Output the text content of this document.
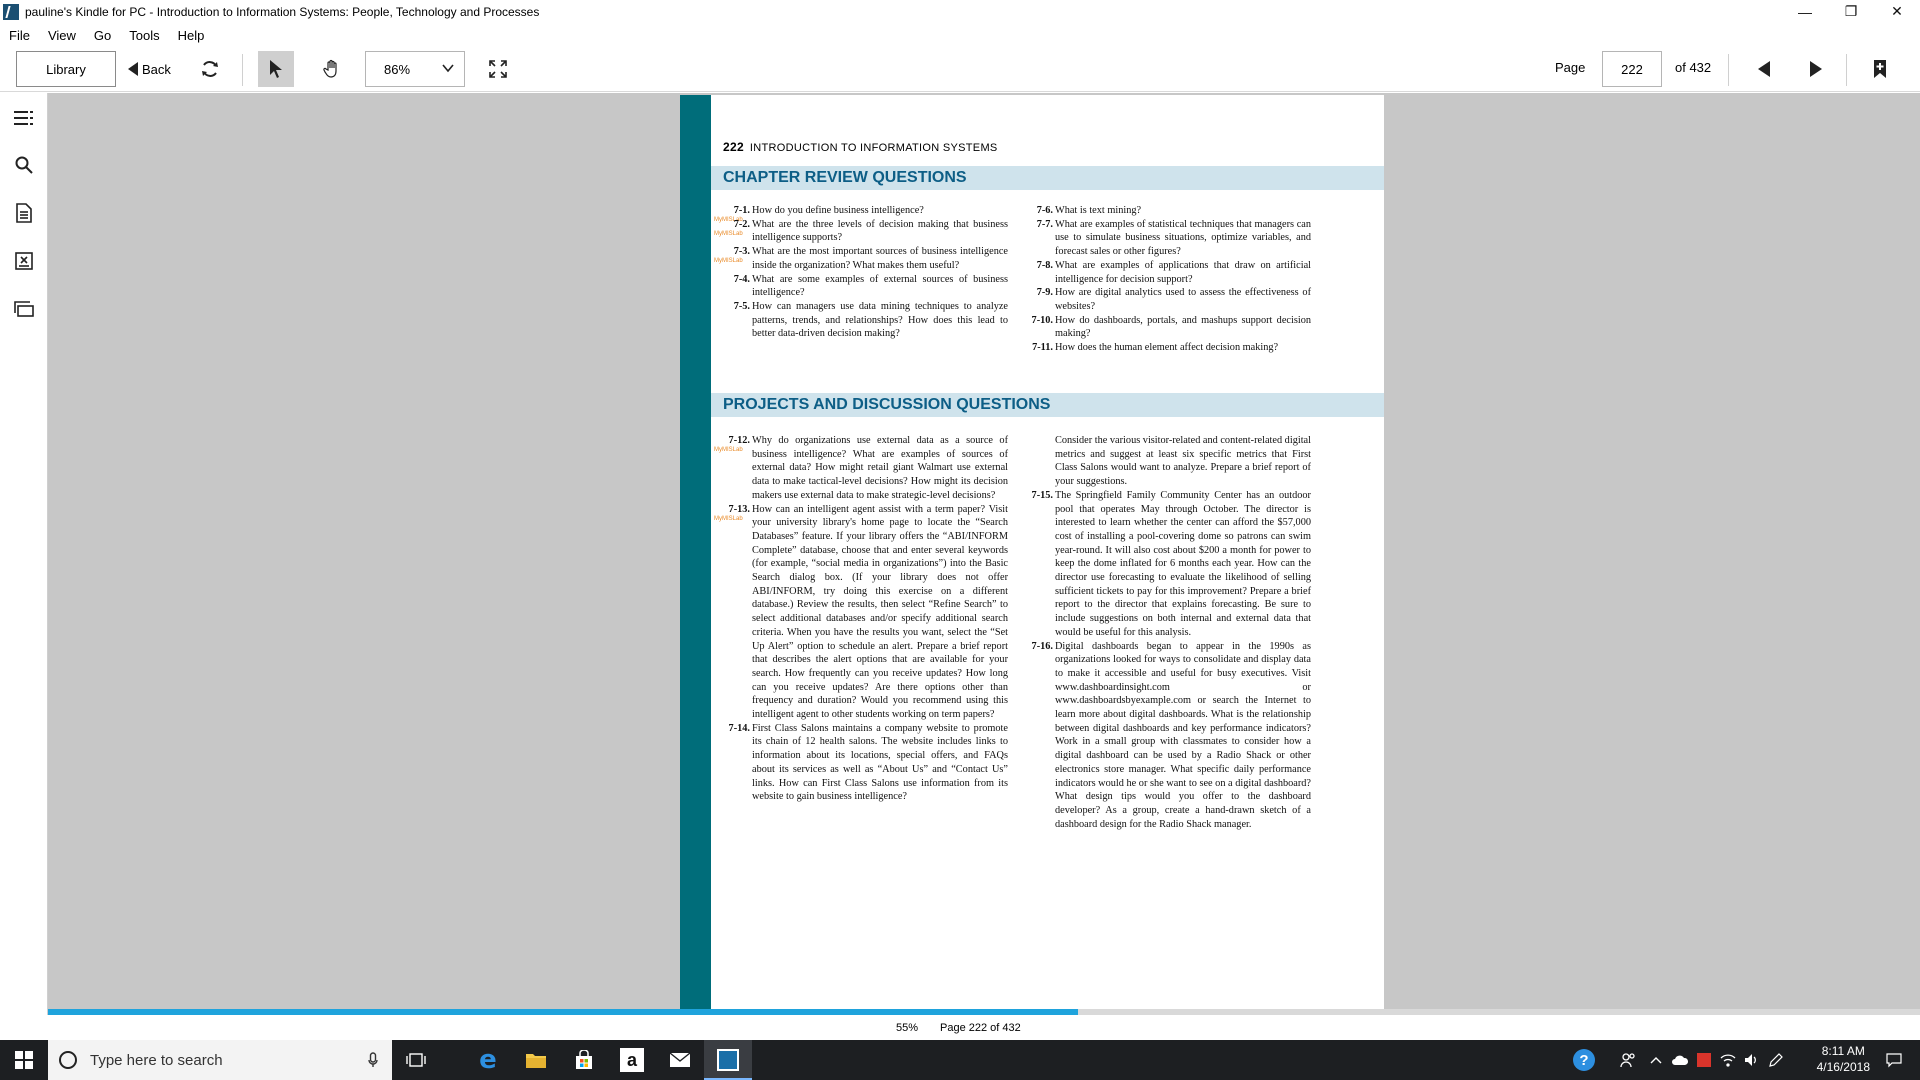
pauline's Kindle for PC - Introduction to Information Systems: People, Technology and Processes	—	❐	✕
File	View	Go	Tools	Help
Library	Back	86%	Page	222	of 432
222 INTRODUCTION TO INFORMATION SYSTEMS
CHAPTER REVIEW QUESTIONS
7-1.
MyMISLab
How do you define business intelligence?
7-2.
MyMISLab
What are the three levels of decision making that business intelligence supports?
7-3.
MyMISLab
What are the most important sources of business intelligence inside the organization? What makes them useful?
7-4. What are some examples of external sources of business intelligence?
7-5. How can managers use data mining techniques to analyze patterns, trends, and relationships? How does this lead to better data-driven decision making?
7-6. What is text mining?
7-7. What are examples of statistical techniques that managers can use to simulate business situations, optimize variables, and forecast sales or other figures?
7-8. What are examples of applications that draw on artificial intelligence for decision support?
7-9. How are digital analytics used to assess the effectiveness of websites?
7-10. How do dashboards, portals, and mashups support decision making?
7-11. How does the human element affect decision making?
PROJECTS AND DISCUSSION QUESTIONS
7-12.
MyMISLab
Why do organizations use external data as a source of business intelligence? What are examples of sources of external data? How might retail giant Walmart use external data to make tactical-level decisions? How might its decision makers use external data to make strategic-level decisions?
7-13.
MyMISLab
How can an intelligent agent assist with a term paper? Visit your university library's home page to locate the “Search Databases” feature. If your library offers the “ABI/INFORM Complete” database, choose that and enter several keywords (for example, “social media in organizations”) into the Basic Search dialog box. (If your library does not offer ABI/INFORM, try doing this exercise on a different database.) Review the results, then select “Refine Search” to select additional databases and/or specify additional search criteria. When you have the results you want, select the “Set Up Alert” option to schedule an alert. Prepare a brief report that describes the alert options that are available for your search. How frequently can you receive updates? How long can you receive updates? Are there options other than frequency and duration? Would you recommend using this intelligent agent to other students working on term papers?
7-14. First Class Salons maintains a company website to promote its chain of 12 health salons. The website includes links to information about its locations, special offers, and FAQs about its services as well as “About Us” and “Contact Us” links. How can First Class Salons use information from its website to gain business intelligence?
Consider the various visitor-related and content-related digital metrics and suggest at least six specific metrics that First Class Salons would want to analyze. Prepare a brief report of your suggestions.
7-15. The Springfield Family Community Center has an outdoor pool that operates May through October. The director is interested to learn whether the center can afford the $57,000 cost of installing a pool-covering dome so patrons can swim year-round. It will also cost about $200 a month for power to keep the dome inflated for 6 months each year. How can the director use forecasting to evaluate the likelihood of selling sufficient tickets to pay for this improvement? Prepare a brief report to the director that explains forecasting. Be sure to include suggestions on both internal and external data that would be useful for this analysis.
7-16. Digital dashboards began to appear in the 1990s as organizations looked for ways to consolidate and display data to make it accessible and useful for busy executives. Visit www.dashboardinsight.com or www.dashboardsbyexample.com or search the Internet to learn more about digital dashboards. What is the relationship between digital dashboards and key performance indicators? Work in a small group with classmates to consider how a digital dashboard can be used by a Radio Shack or other electronics store manager. What specific daily performance indicators would he or she want to see on a digital dashboard? What design tips would you offer to the dashboard developer? As a group, create a hand-drawn sketch of a dashboard design for the Radio Shack manager.
55% Page 222 of 432
Type here to search	e	a	?
8:11 AM
4/16/2018
